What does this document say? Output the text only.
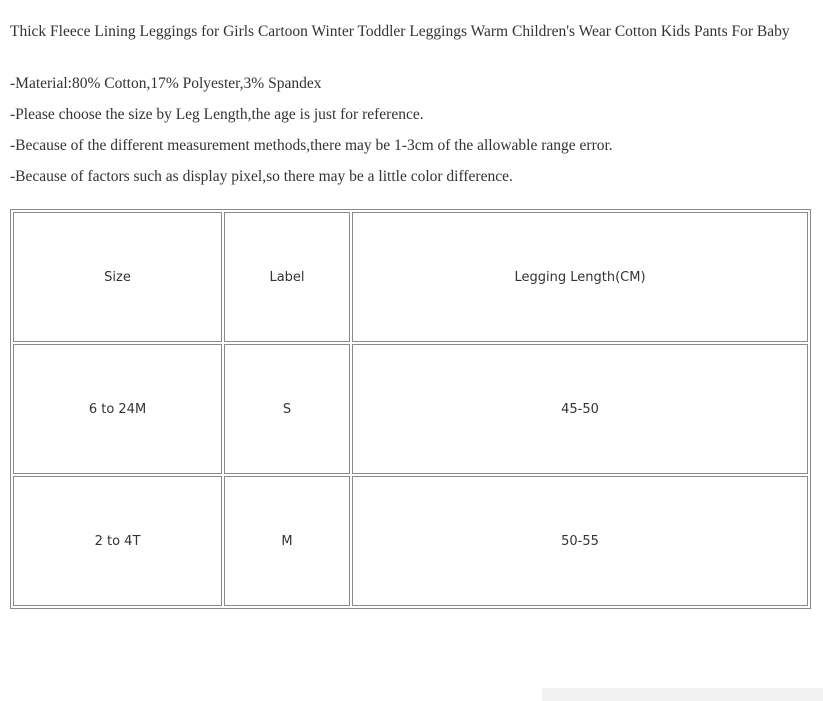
Thick Fleece Lining Leggings for Girls Cartoon Winter Toddler Leggings Warm Children's Wear Cotton Kids Pants For Baby
-Material:80% Cotton,17% Polyester,3% Spandex
-Please choose the size by Leg Length,the age is just for reference.
-Because of the different measurement methods,there may be 1-3cm of the allowable range error.
-Because of factors such as display pixel,so there may be a little color difference.
Size	Label	Legging Length(CM)
6 to 24M	S	45-50
2 to 4T	M	50-55
